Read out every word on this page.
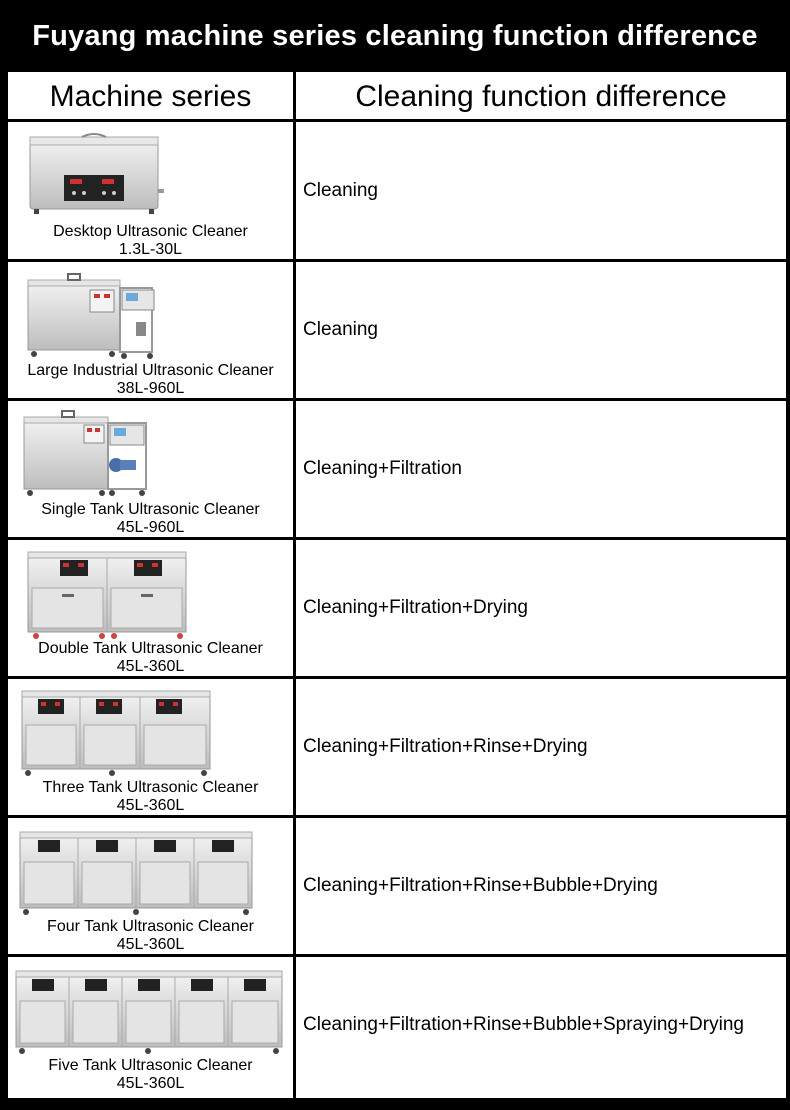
Fuyang machine series cleaning function difference
Machine series	Cleaning function difference
Desktop Ultrasonic Cleaner
1.3L-30L
Cleaning
Large Industrial Ultrasonic Cleaner
38L-960L
Cleaning
Single Tank Ultrasonic Cleaner
45L-960L
Cleaning+Filtration
Double Tank Ultrasonic Cleaner
45L-360L
Cleaning+Filtration+Drying
Three Tank Ultrasonic Cleaner
45L-360L
Cleaning+Filtration+Rinse+Drying
Four Tank Ultrasonic Cleaner
45L-360L
Cleaning+Filtration+Rinse+Bubble+Drying
Five Tank Ultrasonic Cleaner
45L-360L
Cleaning+Filtration+Rinse+Bubble+Spraying+Drying
